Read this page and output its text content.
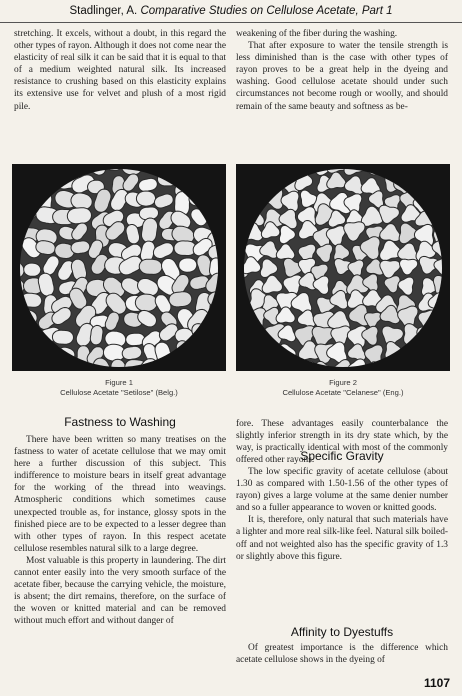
Stadlinger, A. Comparative Studies on Cellulose Acetate, Part 1

stretching. It excels, without a doubt, in this regard the other types of rayon. Although it does not come near the elasticity of real silk it can be said that it is equal to that of a medium weighted natural silk. Its increased resistance to crushing based on this elasticity explains its extensive use for velvet and plush of a most rigid pile.

weakening of the fiber during the washing.

That after exposure to water the tensile strength is less diminished than is the case with other types of rayon proves to be a great help in the dyeing and washing. Good cellulose acetate should under such circumstances not become rough or woolly, and should remain of the same beauty and softness as be-

Figure 1
Cellulose Acetate "Setilose" (Belg.)
Figure 2
Cellulose Acetate "Celanese" (Eng.)
Fastness to Washing

There have been written so many treatises on the fastness to water of acetate cellulose that we may omit here a further discussion of this subject. This indifference to moisture bears in itself great advantage for the working of the thread into weavings. Atmospheric conditions which sometimes cause unexpected trouble as, for instance, glossy spots in the finished piece are to be expected to a lesser degree than with other types of rayon. In this respect acetate cellulose resembles natural silk to a large degree.

Most valuable is this property in laundering. The dirt cannot enter easily into the very smooth surface of the acetate fiber, because the carrying vehicle, the moisture, is absent; the dirt remains, therefore, on the surface of the woven or knitted material and can be removed without much effort and without danger of

fore. These advantages easily counterbalance the slightly inferior strength in its dry state which, by the way, is practically identical with most of the commonly offered other rayons.

Specific Gravity

The low specific gravity of acetate cellulose (about 1.30 as compared with 1.50-1.56 of the other types of rayon) gives a large volume at the same denier number and so a fuller appearance to woven or knitted goods.

It is, therefore, only natural that such materials have a lighter and more real silk-like feel. Natural silk boiled-off and not weighted also has the specific gravity of 1.3 or slightly above this figure.

Affinity to Dyestuffs

Of greatest importance is the difference which acetate cellulose shows in the dyeing of

1107
